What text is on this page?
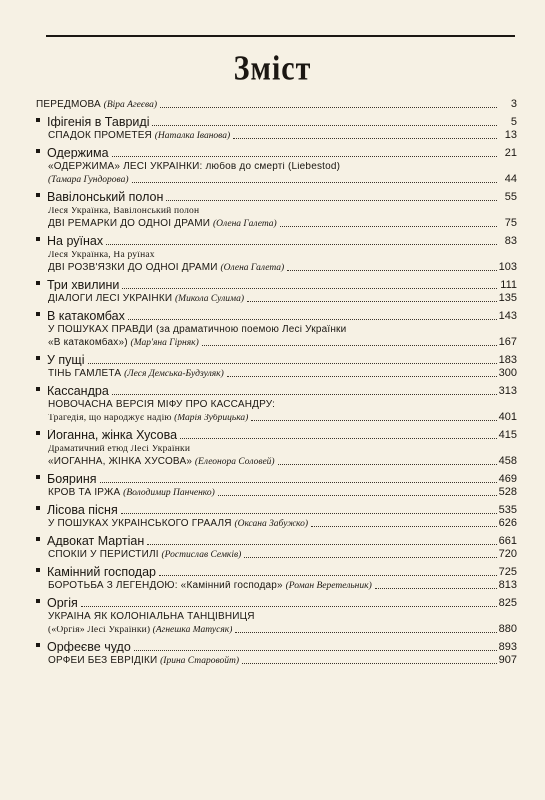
Зміст
ПЕРЕДМОВА (Віра Агеєва)	3
Іфігенія в Тавриді	5
СПАДОК ПРОМЕТЕЯ (Наталка Іванова)	13
Одержима	21
«ОДЕРЖИМА» ЛЕСІ УКРАЇНКИ: любов до смерті (Liebestod)
(Тамара Гундорова)	44
Вавілонський полон	55
Леся Українка, Вавілонський полон
ДВІ РЕМАРКИ ДО ОДНОЇ ДРАМИ (Олена Галета)	75
На руїнах	83
Леся Українка, На руїнах
ДВІ РОЗВ'ЯЗКИ ДО ОДНОЇ ДРАМИ (Олена Галета)	103
Три хвилини	111
ДІАЛОГИ ЛЕСІ УКРАЇНКИ (Микола Сулима)	135
В катакомбах	143
У ПОШУКАХ ПРАВДИ (за драматичною поемою Лесі Українки
«В катакомбах») (Мар'яна Гірняк)	167
У пущі	183
ТІНЬ ГАМЛЕТА (Леся Демська-Будзуляк)	300
Кассандра	313
НОВОЧАСНА ВЕРСІЯ МІФУ ПРО КАССАНДРУ:
Трагедія, що народжує надію (Марія Зубрицька)	401
Йоганна, жінка Хусова	415
Драматичний етюд Лесі Українки
«ЙОГАННА, ЖІНКА ХУСОВА» (Елеонора Соловей)	458
Бояриня	469
КРОВ ТА ІРЖА (Володимир Панченко)	528
Лісова пісня	535
У ПОШУКАХ УКРАЇНСЬКОГО ГРААЛЯ (Оксана Забужко)	626
Адвокат Мартіан	661
СПОКІЙ У ПЕРИСТИЛІ (Ростислав Семків)	720
Камінний господар	725
БОРОТЬБА З ЛЕГЕНДОЮ: «Камінний господар» (Роман Веретельник)	813
Оргія	825
УКРАЇНА ЯК КОЛОНІАЛЬНА ТАНЦІВНИЦЯ
(«Оргія» Лесі Українки) (Агнешка Матусяк)	880
Орфеєве чудо	893
ОРФЕЙ БЕЗ ЕВРІДІКИ (Ірина Старовойт)	907
